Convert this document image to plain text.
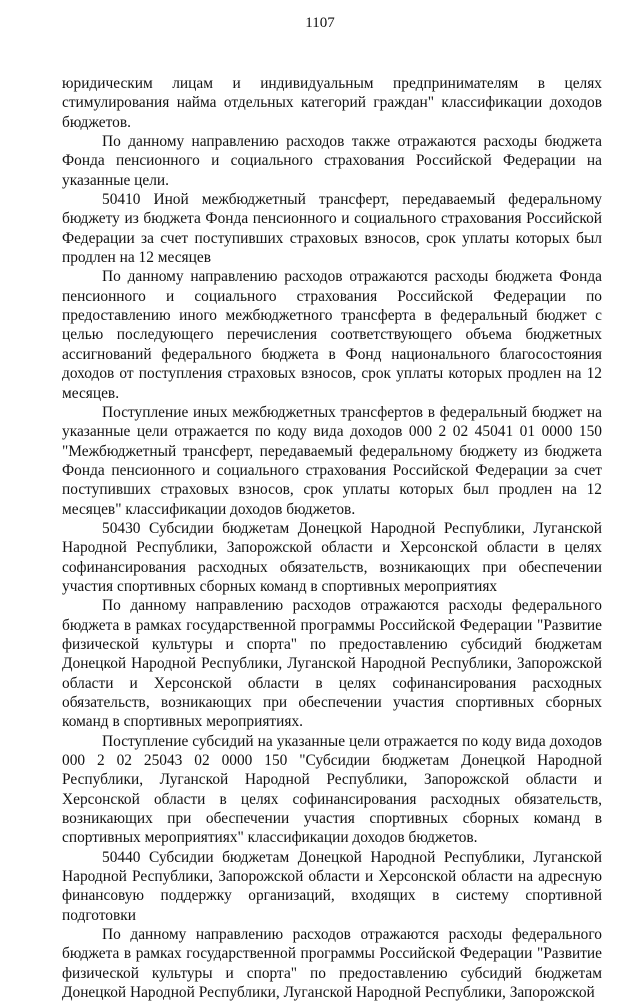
1107

юридическим лицам и индивидуальным предпринимателям в целях стимулирования найма отдельных категорий граждан" классификации доходов бюджетов.

По данному направлению расходов также отражаются расходы бюджета Фонда пенсионного и социального страхования Российской Федерации на указанные цели.

50410 Иной межбюджетный трансферт, передаваемый федеральному бюджету из бюджета Фонда пенсионного и социального страхования Российской Федерации за счет поступивших страховых взносов, срок уплаты которых был продлен на 12 месяцев

По данному направлению расходов отражаются расходы бюджета Фонда пенсионного и социального страхования Российской Федерации по предоставлению иного межбюджетного трансферта в федеральный бюджет с целью последующего перечисления соответствующего объема бюджетных ассигнований федерального бюджета в Фонд национального благосостояния доходов от поступления страховых взносов, срок уплаты которых продлен на 12 месяцев.

Поступление иных межбюджетных трансфертов в федеральный бюджет на указанные цели отражается по коду вида доходов 000 2 02 45041 01 0000 150 "Межбюджетный трансферт, передаваемый федеральному бюджету из бюджета Фонда пенсионного и социального страхования Российской Федерации за счет поступивших страховых взносов, срок уплаты которых был продлен на 12 месяцев" классификации доходов бюджетов.

50430 Субсидии бюджетам Донецкой Народной Республики, Луганской Народной Республики, Запорожской области и Херсонской области в целях софинансирования расходных обязательств, возникающих при обеспечении участия спортивных сборных команд в спортивных мероприятиях

По данному направлению расходов отражаются расходы федерального бюджета в рамках государственной программы Российской Федерации "Развитие физической культуры и спорта" по предоставлению субсидий бюджетам Донецкой Народной Республики, Луганской Народной Республики, Запорожской области и Херсонской области в целях софинансирования расходных обязательств, возникающих при обеспечении участия спортивных сборных команд в спортивных мероприятиях.

Поступление субсидий на указанные цели отражается по коду вида доходов 000 2 02 25043 02 0000 150 "Субсидии бюджетам Донецкой Народной Республики, Луганской Народной Республики, Запорожской области и Херсонской области в целях софинансирования расходных обязательств, возникающих при обеспечении участия спортивных сборных команд в спортивных мероприятиях" классификации доходов бюджетов.

50440 Субсидии бюджетам Донецкой Народной Республики, Луганской Народной Республики, Запорожской области и Херсонской области на адресную финансовую поддержку организаций, входящих в систему спортивной подготовки

По данному направлению расходов отражаются расходы федерального бюджета в рамках государственной программы Российской Федерации "Развитие физической культуры и спорта" по предоставлению субсидий бюджетам Донецкой Народной Республики, Луганской Народной Республики, Запорожской
